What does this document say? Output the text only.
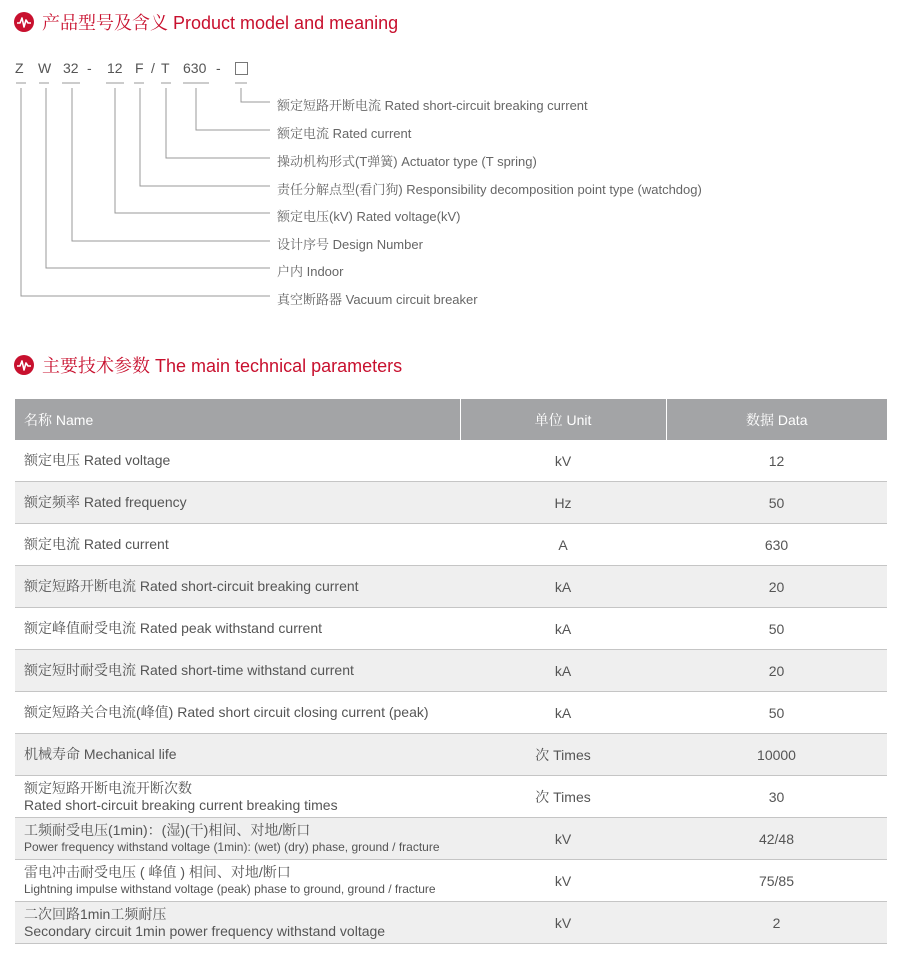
产品型号及含义 Product model and meaning
Z W 32 - 12 F / T 630 -
额定短路开断电流 Rated short-circuit breaking current
额定电流 Rated current
操动机构形式(T弹簧) Actuator type (T spring)
责任分解点型(看门狗) Responsibility decomposition point type (watchdog)
额定电压(kV) Rated voltage(kV)
设计序号 Design Number
户内 Indoor
真空断路器 Vacuum circuit breaker
主要技术参数 The main technical parameters
名称 Name	单位 Unit	数据 Data
额定电压 Rated voltage	kV	12
额定频率 Rated frequency	Hz	50
额定电流 Rated current	A	630
额定短路开断电流 Rated short-circuit breaking current	kA	20
额定峰值耐受电流 Rated peak withstand current	kA	50
额定短时耐受电流 Rated short-time withstand current	kA	20
额定短路关合电流(峰值) Rated short circuit closing current (peak)	kA	50
机械寿命 Mechanical life	次 Times	10000
额定短路开断电流开断次数
Rated short-circuit breaking current breaking times	次 Times	30
工频耐受电压(1min)：(湿)(干)相间、对地/断口
Power frequency withstand voltage (1min): (wet) (dry) phase, ground / fracture	kV	42/48
雷电冲击耐受电压 ( 峰值 ) 相间、对地/断口
Lightning impulse withstand voltage (peak) phase to ground, ground / fracture	kV	75/85
二次回路1min工频耐压
Secondary circuit 1min power frequency withstand voltage	kV	2
